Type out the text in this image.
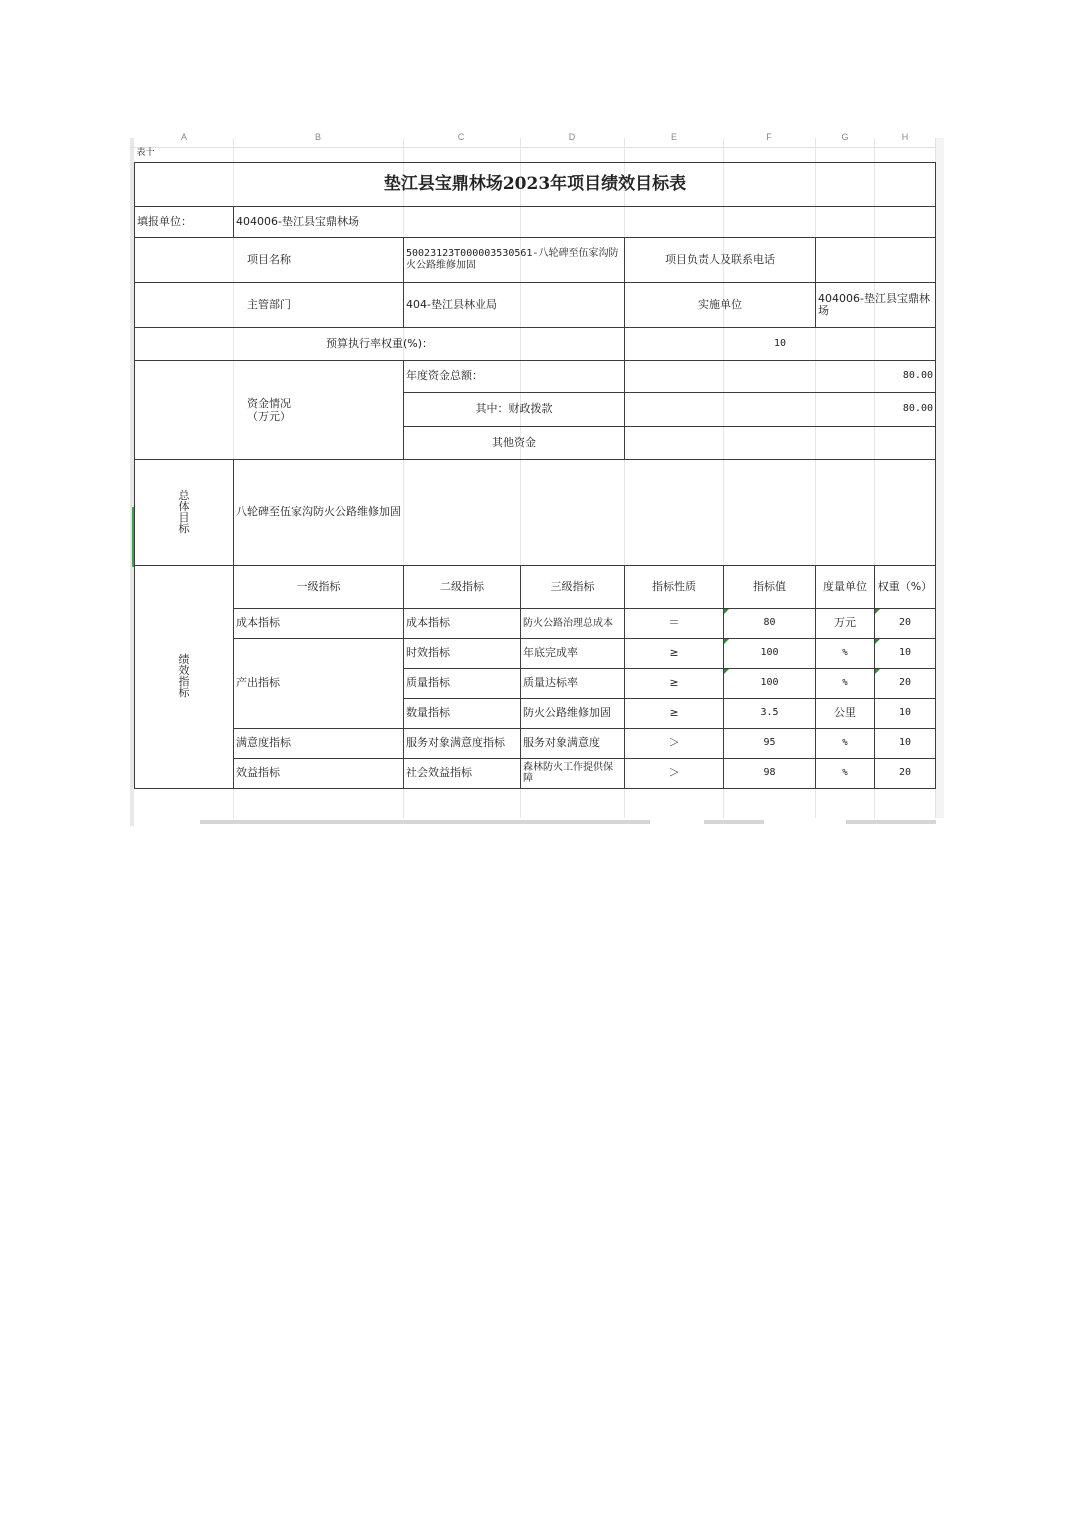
A	B	C	D	E	F	G	H
表十							
垫江县宝鼎林场2023年项目绩效目标表							
填报单位：	404006-垫江县宝鼎林场						
项目名称		50023123T000003530561-八轮碑至伍家沟防火公路维修加固		项目负责人及联系电话			
主管部门		404-垫江县林业局		实施单位		404006-垫江县宝鼎林场	
预算执行率权重(%)：				10			
资金情况（万元）		年度资金总额：		80.00			
		其中：财政拨款		80.00			
		其他资金					
总体目标	八轮碑至伍家沟防火公路维修加固						
绩效指标	一级指标	二级指标	三级指标	指标性质	指标值	度量单位	权重（%）
	成本指标	成本指标	防火公路治理总成本	＝	80	万元	20
	产出指标	时效指标	年底完成率	≥	100	%	10
		质量指标	质量达标率	≥	100	%	20
		数量指标	防火公路维修加固	≥	3.5	公里	10
	满意度指标	服务对象满意度指标	服务对象满意度	＞	95	%	10
	效益指标	社会效益指标	森林防火工作提供保障	＞	98	%	20
